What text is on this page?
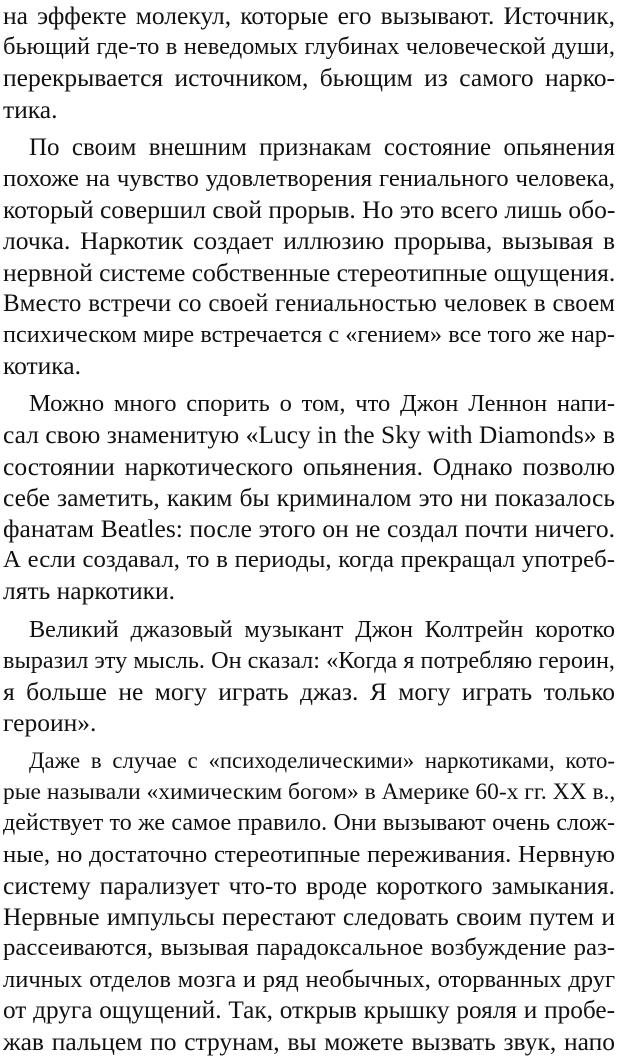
на эффекте молекул, которые его вызывают. Источник,
бьющий где-то в неведомых глубинах человеческой души,
перекрывается источником, бьющим из самого нарко-
тика.
По своим внешним признакам состояние опьянения
похоже на чувство удовлетворения гениального человека,
который совершил свой прорыв. Но это всего лишь обо-
лочка. Наркотик создает иллюзию прорыва, вызывая в
нервной системе собственные стереотипные ощущения.
Вместо встречи со своей гениальностью человек в своем
психическом мире встречается с «гением» все того же нар-
котика.
Можно много спорить о том, что Джон Леннон напи-
сал свою знаменитую «Lucy in the Sky with Diamonds» в
состоянии наркотического опьянения. Однако позволю
себе заметить, каким бы криминалом это ни показалось
фанатам Beatles: после этого он не создал почти ничего.
А если создавал, то в периоды, когда прекращал употреб-
лять наркотики.
Великий джазовый музыкант Джон Колтрейн коротко
выразил эту мысль. Он сказал: «Когда я потребляю героин,
я больше не могу играть джаз. Я могу играть только
героин».
Даже в случае с «психоделическими» наркотиками, кото-
рые называли «химическим богом» в Америке 60-х гг. XX в.,
действует то же самое правило. Они вызывают очень слож-
ные, но достаточно стереотипные переживания. Нервную
систему парализует что-то вроде короткого замыкания.
Нервные импульсы перестают следовать своим путем и
рассеиваются, вызывая парадоксальное возбуждение раз-
личных отделов мозга и ряд необычных, оторванных друг
от друга ощущений. Так, открыв крышку рояля и пробе-
жав пальцем по струнам, вы можете вызвать звук, напо
